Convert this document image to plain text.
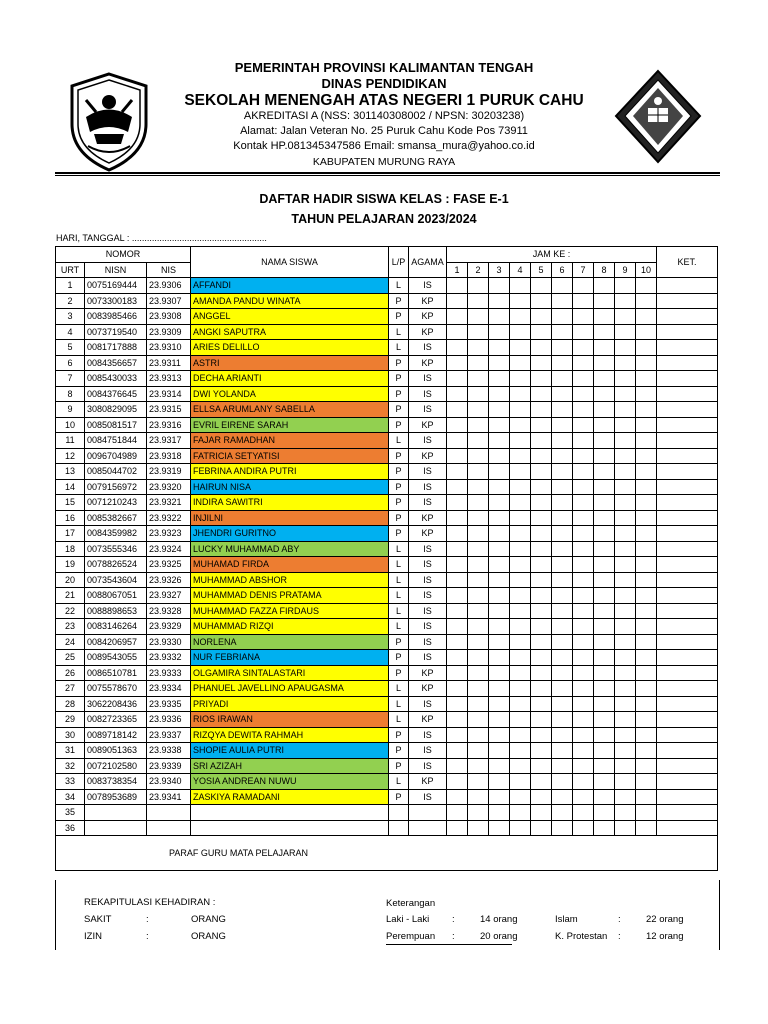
PEMERINTAH PROVINSI KALIMANTAN TENGAH
DINAS PENDIDIKAN
SEKOLAH MENENGAH ATAS NEGERI 1 PURUK CAHU
AKREDITASI A (NSS: 301140308002 / NPSN: 30203238)
Alamat: Jalan Veteran No. 25 Puruk Cahu Kode Pos 73911
Kontak HP.081345347586 Email: smansa_mura@yahoo.co.id
KABUPATEN MURUNG RAYA
DAFTAR HADIR SISWA KELAS : FASE E-1
TAHUN PELAJARAN 2023/2024
HARI, TANGGAL : ......................................................
NOMOR			NAMA SISWA	L/P	AGAMA	JAM KE :										KET.
URT	NISN	NIS				1	2	3	4	5	6	7	8	9	10	
1	0075169444	23.9306	AFFANDI	L	IS											
2	0073300183	23.9307	AMANDA PANDU WINATA	P	KP											
3	0083985466	23.9308	ANGGEL	P	KP											
4	0073719540	23.9309	ANGKI SAPUTRA	L	KP											
5	0081717888	23.9310	ARIES DELILLO	L	IS											
6	0084356657	23.9311	ASTRI	P	KP											
7	0085430033	23.9313	DECHA ARIANTI	P	IS											
8	0084376645	23.9314	DWI YOLANDA	P	IS											
9	3080829095	23.9315	ELLSA ARUMLANY SABELLA	P	IS											
10	0085081517	23.9316	EVRIL EIRENE SARAH	P	KP											
11	0084751844	23.9317	FAJAR RAMADHAN	L	IS											
12	0096704989	23.9318	FATRICIA SETYATISI	P	KP											
13	0085044702	23.9319	FEBRINA ANDIRA PUTRI	P	IS											
14	0079156972	23.9320	HAIRUN NISA	P	IS											
15	0071210243	23.9321	INDIRA SAWITRI	P	IS											
16	0085382667	23.9322	INJILNI	P	KP											
17	0084359982	23.9323	JHENDRI GURITNO	P	KP											
18	0073555346	23.9324	LUCKY MUHAMMAD ABY	L	IS											
19	0078826524	23.9325	MUHAMAD FIRDA	L	IS											
20	0073543604	23.9326	MUHAMMAD ABSHOR	L	IS											
21	0088067051	23.9327	MUHAMMAD DENIS PRATAMA	L	IS											
22	0088898653	23.9328	MUHAMMAD FAZZA FIRDAUS	L	IS											
23	0083146264	23.9329	MUHAMMAD RIZQI	L	IS											
24	0084206957	23.9330	NORLENA	P	IS											
25	0089543055	23.9332	NUR FEBRIANA	P	IS											
26	0086510781	23.9333	OLGAMIRA SINTALASTARI	P	KP											
27	0075578670	23.9334	PHANUEL JAVELLINO APAUGASMA	L	KP											
28	3062208436	23.9335	PRIYADI	L	IS											
29	0082723365	23.9336	RIOS IRAWAN	L	KP											
30	0089718142	23.9337	RIZQYA DEWITA RAHMAH	P	IS											
31	0089051363	23.9338	SHOPIE AULIA PUTRI	P	IS											
32	0072102580	23.9339	SRI AZIZAH	P	IS											
33	0083738354	23.9340	YOSIA ANDREAN NUWU	L	KP											
34	0078953689	23.9341	ZASKIYA RAMADANI	P	IS											
35																
36																
PARAF GURU MATA PELAJARAN																
REKAPITULASI KEHADIRAN :
SAKIT	:	ORANG
IZIN	:	ORANG
Keterangan
Laki - Laki :	14 orang
Perempuan :	20 orang
Islam	:	22 orang
K. Protestan :	12 orang
